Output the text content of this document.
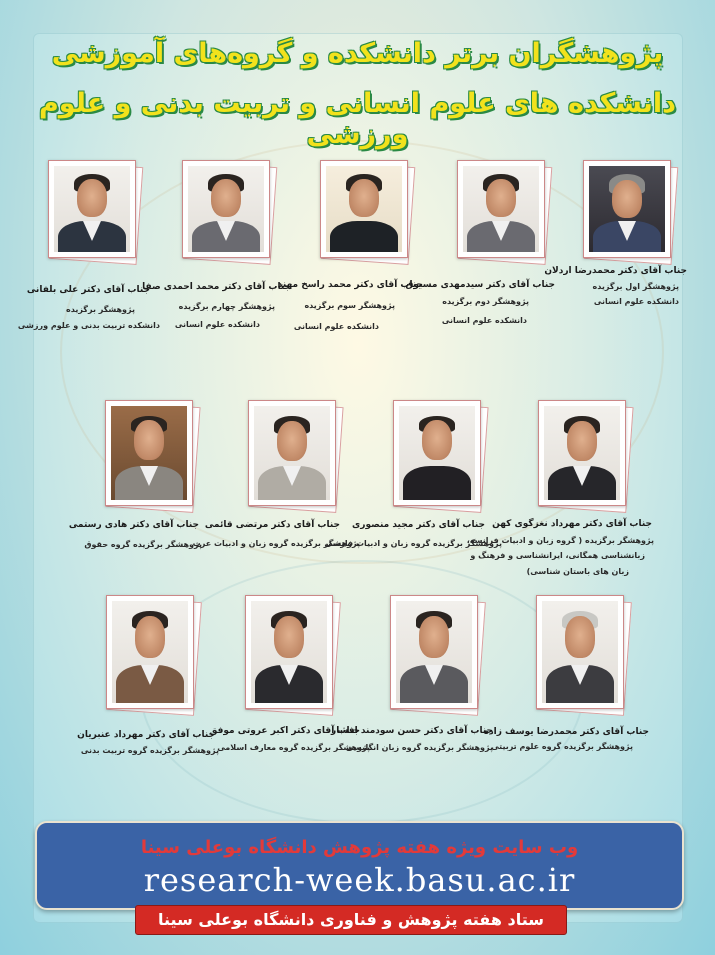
پژوهشگران برتر دانشکده و گروه‌های آموزشی
دانشکده های علوم انسانی و تربیت بدنی و علوم ورزشی
جناب آقای دکتر محمدرضا اردلان
پژوهشگر اول برگزیده
دانشکده علوم انسانی
جناب آقای دکتر سیدمهدی مسبوق
پژوهشگر دوم برگزیده
دانشکده علوم انسانی
جناب آقای دکتر محمد راسخ مهند
پژوهشگر سوم برگزیده
دانشکده علوم انسانی
جناب آقای دکتر محمد احمدی صفا
پژوهشگر چهارم برگزیده
دانشکده علوم انسانی
جناب آقای دکتر علی بلفانی
پژوهشگر برگزیده
دانشکده تربیت بدنی و علوم ورزشی
جناب آقای دکتر مهرداد نغزگوی کهن
پژوهشگر برگزیده ( گروه زبان و ادبیات فرانسه،
زبانشناسی همگانی، ایرانشناسی و فرهنگ و
زبان های باستان شناسی)
جناب آقای دکتر مجید منصوری
پژوهشگر برگزیده گروه زبان و ادبیات فارسی
جناب آقای دکتر مرتضی قائمی
پژوهشگر برگزیده گروه زبان و ادبیات عرب
جناب آقای دکتر هادی رستمی
پژوهشگر برگزیده گروه حقوق
جناب آقای دکتر محمدرضا یوسف زاده
پژوهشگر برگزیده گروه علوم تربیتی
جناب آقای دکتر حسن سودمند افشار
پژوهشگر برگزیده گروه زبان انگلیسی
جناب آقای دکتر اکبر عروتی موفق
پژوهشگر برگزیده گروه معارف اسلامی
جناب آقای دکتر مهرداد عنبریان
پژوهشگر برگزیده گروه تربیت بدنی
وب سایت ویژه هفته پژوهش دانشگاه بوعلی سینا
research-week.basu.ac.ir
ستاد هفته پژوهش و فناوری دانشگاه بوعلی سینا
